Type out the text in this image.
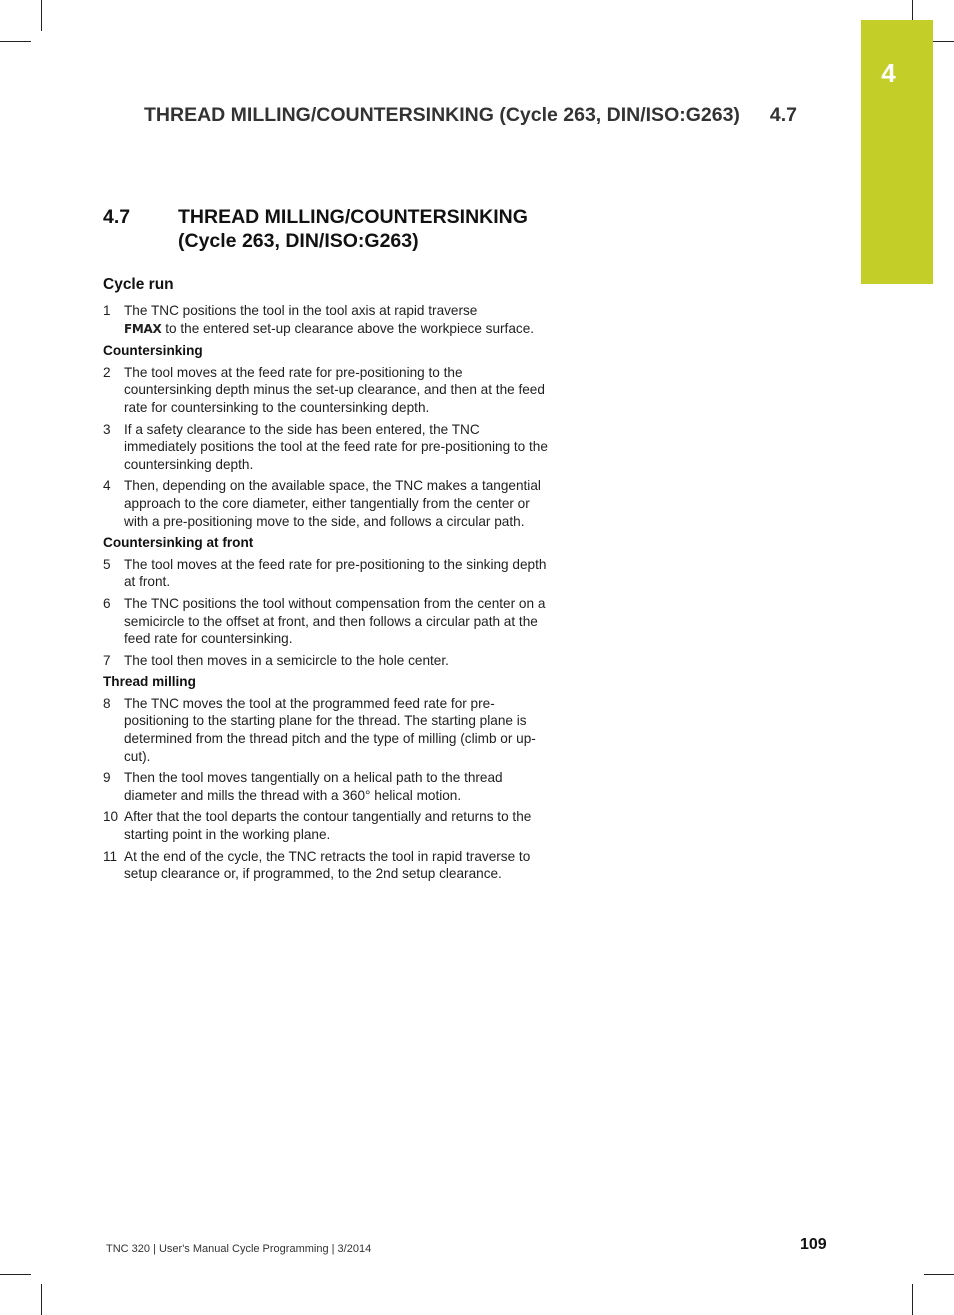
4
THREAD MILLING/COUNTERSINKING (Cycle 263, DIN/ISO:G263) 4.7
4.7	THREAD MILLING/COUNTERSINKING
(Cycle 263, DIN/ISO:G263)
Cycle run
1 The TNC positions the tool in the tool axis at rapid traverse
FMAX to the entered set-up clearance above the workpiece surface.
Countersinking
2 The tool moves at the feed rate for pre-positioning to the countersinking depth minus the set-up clearance, and then at the feed rate for countersinking to the countersinking depth.
3 If a safety clearance to the side has been entered, the TNC immediately positions the tool at the feed rate for pre-positioning to the countersinking depth.
4 Then, depending on the available space, the TNC makes a tangential approach to the core diameter, either tangentially from the center or with a pre-positioning move to the side, and follows a circular path.
Countersinking at front
5 The tool moves at the feed rate for pre-positioning to the sinking depth at front.
6 The TNC positions the tool without compensation from the center on a semicircle to the offset at front, and then follows a circular path at the feed rate for countersinking.
7 The tool then moves in a semicircle to the hole center.
Thread milling
8 The TNC moves the tool at the programmed feed rate for pre-positioning to the starting plane for the thread. The starting plane is determined from the thread pitch and the type of milling (climb or up-cut).
9 Then the tool moves tangentially on a helical path to the thread diameter and mills the thread with a 360° helical motion.
10 After that the tool departs the contour tangentially and returns to the starting point in the working plane.
11 At the end of the cycle, the TNC retracts the tool in rapid traverse to setup clearance or, if programmed, to the 2nd setup clearance.
TNC 320 | User's Manual Cycle Programming | 3/2014	109
